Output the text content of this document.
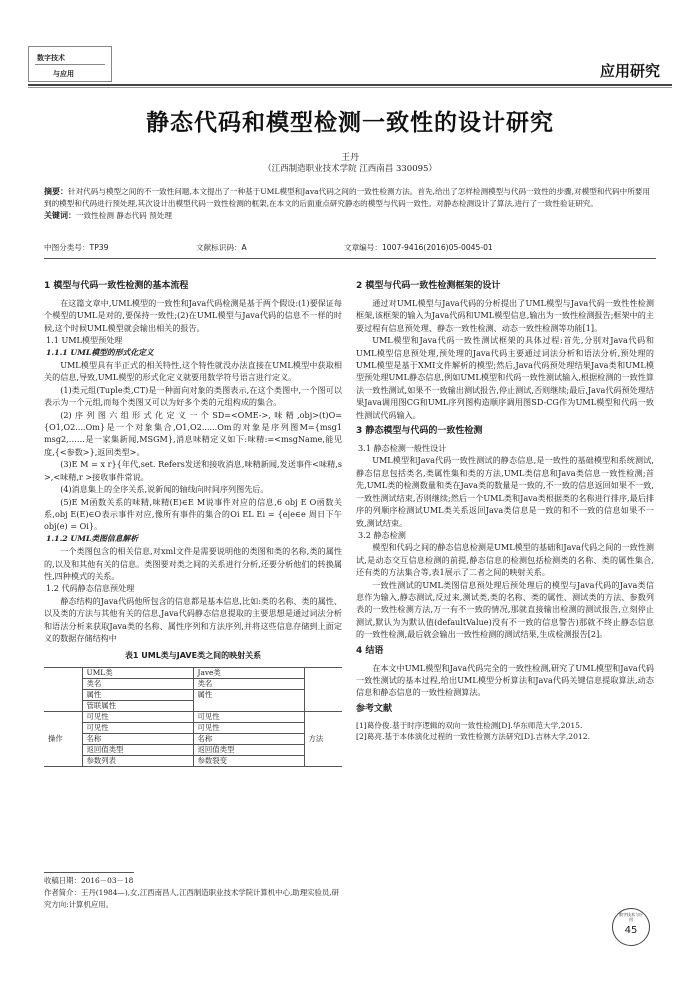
数字技术
与应用	应用研究
静态代码和模型检测一致性的设计研究
王丹
（江西制造职业技术学院 江西南昌 330095）
摘要：针对代码与模型之间的不一致性问题,本文提出了一种基于UML模型和Java代码之间的一致性检测方法。首先,给出了怎样检测模型与代码一致性的步骤,对模型和代码中所要用到的模型和代码进行预处理,其次设计出模型代码一致性检测的框架,在本文的后面重点研究静态的模型与代码一致性。对静态检测设计了算法,进行了一致性验证研究。
关键词：一致性检测 静态代码 预处理
中图分类号：TP39	文献标识码：A	文章编号：1007-9416(2016)05-0045-01
1 模型与代码一致性检测的基本流程

在这篇文章中,UML模型的一致性和Java代码检测是基于两个假设:(1)要保证每个模型的UML是对的,要保持一致性;(2)在UML模型与Java代码的信息不一样的时候,这个时候UML模型就会输出相关的报告。

1.1 UML模型预处理
1.1.1 UML模型的形式化定义

UML模型具有半正式的相关特性,这个特性就没办法直接在UML模型中获取相关的信息,导致,UML模型的形式化定义就要用数学符号语言进行定义。

(1)类元组(Tuple类,CT)是一种面向对象的类图表示,在这个类图中,一个图可以表示为一个元组,而每个类图又可以为好多个类的元组构成的集合。

(2)序列图六组形式化定义一个SD=<OME->,味精,obj>(t)O={O1,O2....Om}是一个对象集合,O1,O2......Om的对象是序列图M={msg1 msg2,……是一家集新闻,MSGM},消息味精定义如下:味精:=<msgName,能见度,{<参数>},返回类型>。

(3)E M = x r}{年代,set. Refers发送和接收消息,味精新闻,发送事件<味精,s >,<味精,r >接收事件常说。

(4)消息集上的全序关系,说新闻的轴线向时间序列图先后。

(5)E M函数关系的味精,味精(E)∈E M说事件对应的信息,6 obj E O函数关系,obj E(E)∈O表示事件对应,像所有事件的集合的Oi EL Ei = {e|e∈e 周日下午 obj(e) = Oi}。

1.1.2 UML类图信息解析

一个类图包含的相关信息,对xml文件是需要说明他的类图和类的名称,类的属性的,以及和其他有关的信息。类图要对类之间的关系进行分析,还要分析他们的转换属性,四种模式的关系。

1.2 代码静态信息预处理

静态结构的Java代码他所包含的信息都是基本信息,比如:类的名称、类的属性、以及类的方法与其他有关的信息,Java代码静态信息提取的主要思想是通过词法分析和语法分析来获取Java类的名称、属性序列和方法序列,并将这些信息存储到上面定义的数据存储结构中

表1 UML类与JAVE类之间的映射关系
	UML类	Jave类	
	类名	类名	
	属性	属性	
	管联属性		
操作	可见性	可见性	方法
	可见性	可见性	
	名称	名称	
	返回值类型	返回值类型	
	参数列表	参数裂变	
收稿日期：2016－03－18
作者简介：王丹(1984—),女,江西南昌人,江西制造职业技术学院计算机中心,助理实验员,研究方向:计算机应用。
2 模型与代码一致性检测框架的设计

通过对UML模型与Java代码的分析提出了UML模型与Java代码一致性性检测框架,该框架的输入为Java代码和UML模型信息,输出为一致性检测报告;框架中的主要过程有信息预处理、静态一致性检测、动态一致性检测等功能[1]。

UML模型和Java代码一致性测试框架的具体过程:首先,分别对Java代码和UML模型信息预处理,预处理的Java代码主要通过词法分析和语法分析,预处理的UML模型是基于XMI文件解析的模型;然后,Java代码预处理结果Java类和UML模型预处理UML静态信息,例如UML模型和代码一致性测试输入,根据检测的一致性算法一致性测试,如果不一致输出测试报告,停止测试,否则继续;最后,Java代码预处理结果Java调用图CG和UML序列图构造顺序调用图SD-CG作为UML模型和代码一致性测试代码输入。

3 静态模型与代码的一致性检测
3.1 静态检测一般性设计

UML模型和Java代码一致性测试的静态信息,是一致性的基础模型和系统测试,静态信息包括类名,类属性集和类的方法,UML类信息和Java类信息一致性检测;首先,UML类的检测数量和类在Java类的数量是一致的,不一致的信息返回如果不一致,一致性测试结束,否则继续;然后一个UML类和Java类根据类的名称进行排序,最后排序的列顺序检测试UML类关系返回Java类信息是一致的和不一致的信息如果不一致,测试结束。

3.2 静态检测

模型和代码之间的静态信息检测是UML模型的基础和Java代码之间的一致性测试,是动态交互信息检测的前提,静态信息的检测包括检测类的名称、类的属性集合,还有类的方法集合等,表1展示了二者之间的映射关系。

一致性测试的UML类图信息预处理后预处理后的模型与Java代码的Java类信息作为输入,静态测试,反过来,测试类,类的名称、类的属性、测试类的方法、参数列表的一致性检测方法,万一有不一致的情况,那就直接输出检测的测试报告,立刻停止测试,默认为为默认值(defaultValue)没有不一致的信息警告)那就不终止静态信息的一致性检测,最后就会输出一致性检测的测试结果,生成检测报告[2]。

4 结语

在本文中UML模型和Java代码完全的一致性检测,研究了UML模型和Java代码一致性测试的基本过程,给出UML模型分析算法和Java代码关键信息提取算法,动态信息和静态信息的一致性检测算法。

参考文献

[1]葛伶俊.基于时序逻辑的双向一致性检测[D].华东师范大学,2015.

[2]葛亮.基于本体演化过程的一致性检测方法研究[D].吉林大学,2012.

数字技术与应用
45
